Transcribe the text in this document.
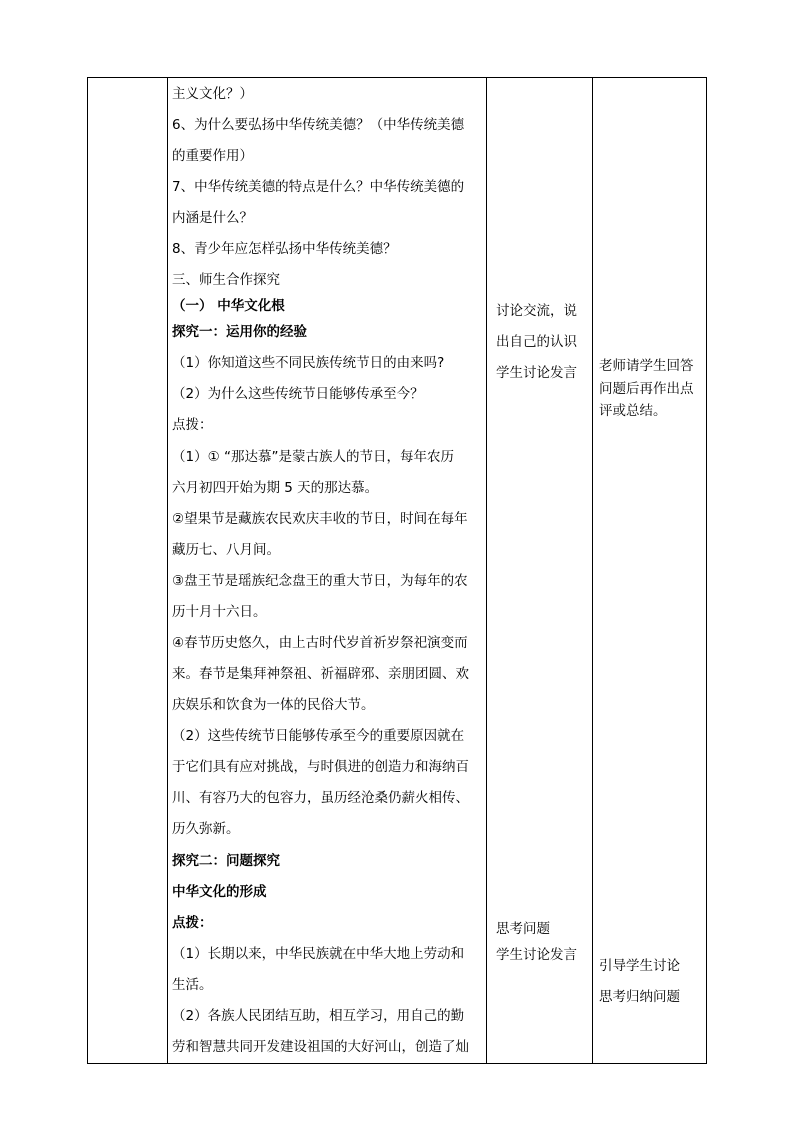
主义文化？）
6、为什么要弘扬中华传统美德？（中华传统美德
的重要作用）
7、中华传统美德的特点是什么？中华传统美德的
内涵是什么？
8、青少年应怎样弘扬中华传统美德？
三、师生合作探究
（一） 中华文化根
探究一：运用你的经验
（1）你知道这些不同民族传统节日的由来吗?
（2）为什么这些传统节日能够传承至今？
点拨：
（1）① “那达慕”是蒙古族人的节日，每年农历
六月初四开始为期 5 天的那达慕。
②望果节是藏族农民欢庆丰收的节日，时间在每年
藏历七、八月间。
③盘王节是瑶族纪念盘王的重大节日，为每年的农
历十月十六日。
④春节历史悠久，由上古时代岁首祈岁祭祀演变而
来。春节是集拜神祭祖、祈福辟邪、亲朋团圆、欢
庆娱乐和饮食为一体的民俗大节。
（2）这些传统节日能够传承至今的重要原因就在
于它们具有应对挑战，与时俱进的创造力和海纳百
川、有容乃大的包容力，虽历经沧桑仍薪火相传、
历久弥新。
探究二：问题探究
中华文化的形成
点拨：
（1）长期以来，中华民族就在中华大地上劳动和
生活。
（2）各族人民团结互助，相互学习，用自己的勤
劳和智慧共同开发建设祖国的大好河山，创造了灿
讨论交流，说
出自己的认识
学生讨论发言
思考问题
学生讨论发言
老师请学生回答
问题后再作出点
评或总结。
引导学生讨论
思考归纳问题
